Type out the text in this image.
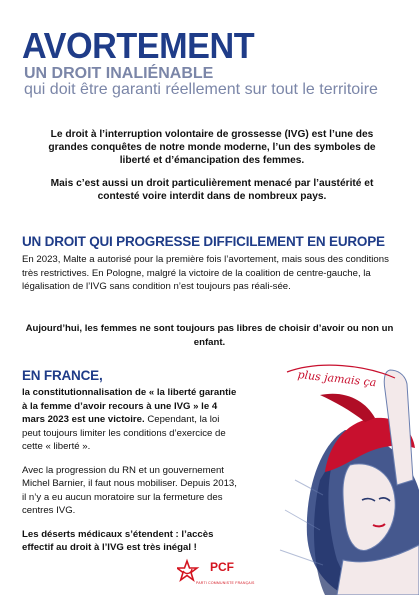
AVORTEMENT
UN DROIT INALIÉNABLE
qui doit être garanti réellement sur tout le territoire

Le droit à l’interruption volontaire de grossesse (IVG) est l’une des grandes conquêtes de notre monde moderne, l’un des symboles de liberté et d’émancipation des femmes.

Mais c’est aussi un droit particulièrement menacé par l’austérité et contesté voire interdit dans de nombreux pays.

UN DROIT QUI PROGRESSE DIFFICILEMENT EN EUROPE

En 2023, Malte a autorisé pour la première fois l’avortement, mais sous des conditions très restrictives. En Pologne, malgré la victoire de la coalition de centre-gauche, la légalisation de l’IVG sans condition n’est toujours pas réali-sée.

Aujourd’hui, les femmes ne sont toujours pas libres de choisir d’avoir ou non un enfant.
EN FRANCE,

la constitutionnalisation de « la liberté garantie à la femme d’avoir recours à une IVG » le 4 mars 2023 est une victoire. Cependant, la loi peut toujours limiter les conditions d’exercice de cette « liberté ».

Avec la progression du RN et un gouvernement Michel Barnier, il faut nous mobiliser. Depuis 2013, il n’y a eu aucun moratoire sur la fermeture des centres IVG.

Les déserts médicaux s’étendent : l’accès effectif au droit à l’IVG est très inégal !

plus jamais ça
PCF
PARTI COMMUNISTE FRANÇAIS
